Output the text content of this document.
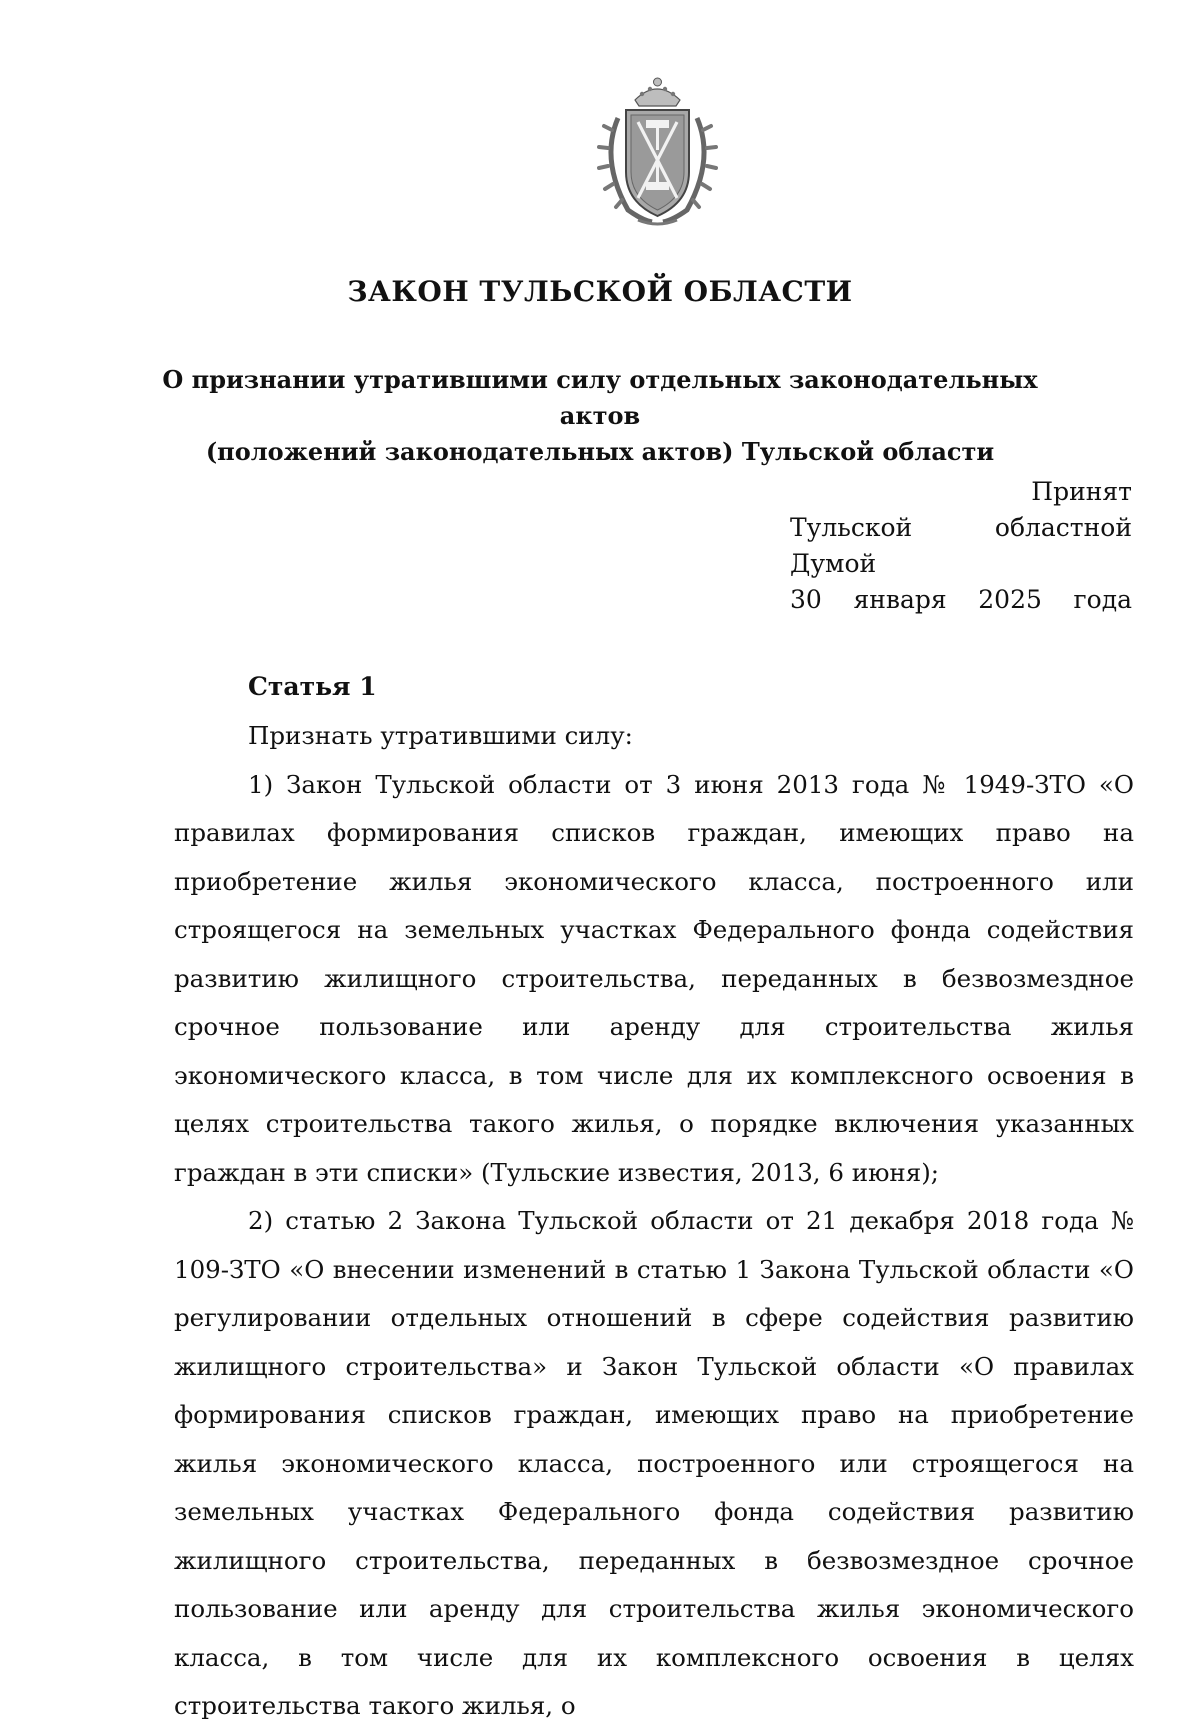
ЗАКОН ТУЛЬСКОЙ ОБЛАСТИ
О признании утратившими силу отдельных законодательных актов
(положений законодательных актов) Тульской области
Принят
Тульской областной Думой
30 января 2025 года
Статья 1

Признать утратившими силу:

1) Закон Тульской области от 3 июня 2013 года № 1949-ЗТО «О правилах формирования списков граждан, имеющих право на приобретение жилья экономического класса, построенного или строящегося на земельных участках Федерального фонда содействия развитию жилищного строительства, переданных в безвозмездное срочное пользование или аренду для строительства жилья экономического класса, в том числе для их комплексного освоения в целях строительства такого жилья, о порядке включения указанных граждан в эти списки» (Тульские известия, 2013, 6 июня);

2) статью 2 Закона Тульской области от 21 декабря 2018 года № 109-ЗТО «О внесении изменений в статью 1 Закона Тульской области «О регулировании отдельных отношений в сфере содействия развитию жилищного строительства» и Закон Тульской области «О правилах формирования списков граждан, имеющих право на приобретение жилья экономического класса, построенного или строящегося на земельных участках Федерального фонда содействия развитию жилищного строительства, переданных в безвозмездное срочное пользование или аренду для строительства жилья экономического класса, в том числе для их комплексного освоения в целях строительства такого жилья, о
